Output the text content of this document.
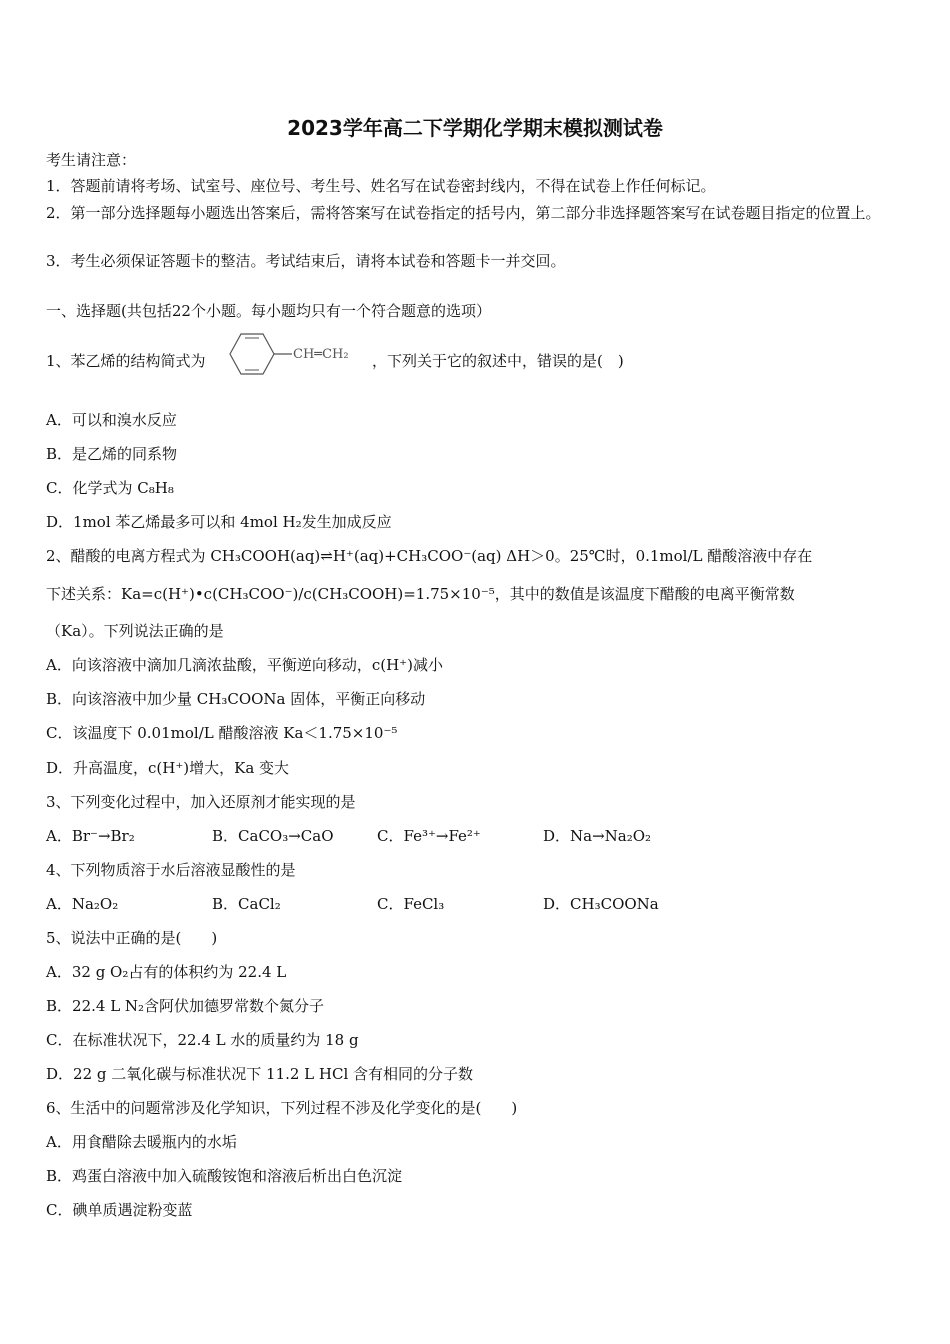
2023学年高二下学期化学期末模拟测试卷
考生请注意：
1．答题前请将考场、试室号、座位号、考生号、姓名写在试卷密封线内，不得在试卷上作任何标记。
2．第一部分选择题每小题选出答案后，需将答案写在试卷指定的括号内，第二部分非选择题答案写在试卷题目指定的位置上。
3．考生必须保证答题卡的整洁。考试结束后，请将本试卷和答题卡一并交回。
一、选择题(共包括22个小题。每小题均只有一个符合题意的选项）
1、苯乙烯的结构简式为	CH═CH₂ ，下列关于它的叙述中，错误的是(　)
A．可以和溴水反应
B．是乙烯的同系物
C．化学式为 C₈H₈
D．1mol 苯乙烯最多可以和 4mol H₂发生加成反应
2、醋酸的电离方程式为 CH₃COOH(aq)⇌H⁺(aq)+CH₃COO⁻(aq) ΔH＞0。25℃时，0.1mol/L 醋酸溶液中存在
下述关系：Ka=c(H⁺)•c(CH₃COO⁻)/c(CH₃COOH)=1.75×10⁻⁵，其中的数值是该温度下醋酸的电离平衡常数
（Ka）。下列说法正确的是
A．向该溶液中滴加几滴浓盐酸，平衡逆向移动，c(H⁺)减小
B．向该溶液中加少量 CH₃COONa 固体，平衡正向移动
C．该温度下 0.01mol/L 醋酸溶液 Ka＜1.75×10⁻⁵
D．升高温度，c(H⁺)增大，Ka 变大
3、下列变化过程中，加入还原剂才能实现的是
A．Br⁻→Br₂	B．CaCO₃→CaO	C．Fe³⁺→Fe²⁺	D．Na→Na₂O₂
4、下列物质溶于水后溶液显酸性的是
A．Na₂O₂	B．CaCl₂	C．FeCl₃	D．CH₃COONa
5、说法中正确的是(　　)
A．32 g O₂占有的体积约为 22.4 L
B．22.4 L N₂含阿伏加德罗常数个氮分子
C．在标准状况下，22.4 L 水的质量约为 18 g
D．22 g 二氧化碳与标准状况下 11.2 L HCl 含有相同的分子数
6、生活中的问题常涉及化学知识，下列过程不涉及化学变化的是(　　)
A．用食醋除去暖瓶内的水垢
B．鸡蛋白溶液中加入硫酸铵饱和溶液后析出白色沉淀
C．碘单质遇淀粉变蓝
